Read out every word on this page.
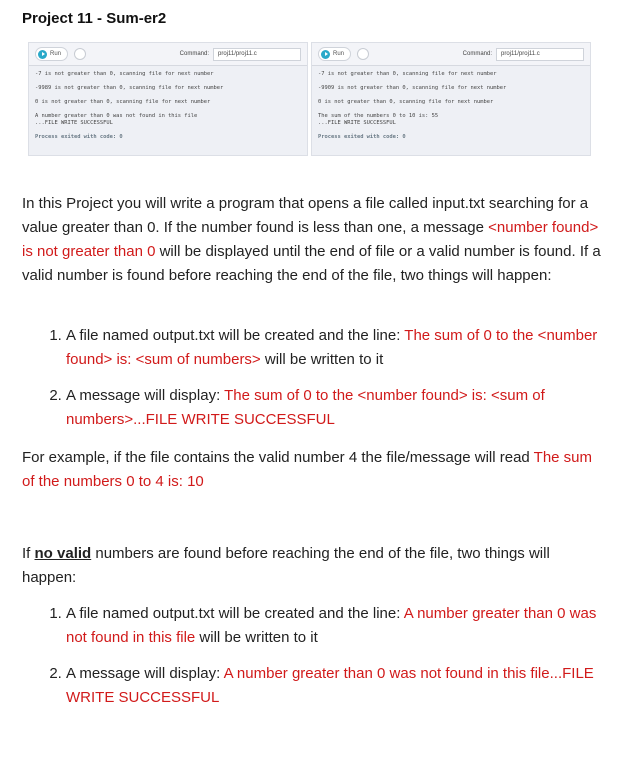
Project 11 - Sum-er2
Run	Command:	proj11/proj11.c
-7 is not greater than 0, scanning file for next number
-9989 is not greater than 0, scanning file for next number
0 is not greater than 0, scanning file for next number
A number greater than 0 was not found in this file
...FILE WRITE SUCCESSFUL
Process exited with code: 0
Run	Command:	proj11/proj11.c
-7 is not greater than 0, scanning file for next number
-9909 is not greater than 0, scanning file for next number
0 is not greater than 0, scanning file for next number
The sum of the numbers 0 to 10 is: 55
...FILE WRITE SUCCESSFUL
Process exited with code: 0
In this Project you will write a program that opens a file called input.txt searching for a value greater than 0. If the number found is less than one, a message <number found> is not greater than 0 will be displayed until the end of file or a valid number is found. If a valid number is found before reaching the end of the file, two things will happen:
1. A file named output.txt will be created and the line: The sum of 0 to the <number found> is: <sum of numbers> will be written to it
2. A message will display: The sum of 0 to the <number found> is: <sum of numbers>...FILE WRITE SUCCESSFUL
For example, if the file contains the valid number 4 the file/message will read The sum of the numbers 0 to 4 is: 10
If no valid numbers are found before reaching the end of the file, two things will happen:
1. A file named output.txt will be created and the line: A number greater than 0 was not found in this file will be written to it
2. A message will display: A number greater than 0 was not found in this file...FILE WRITE SUCCESSFUL
